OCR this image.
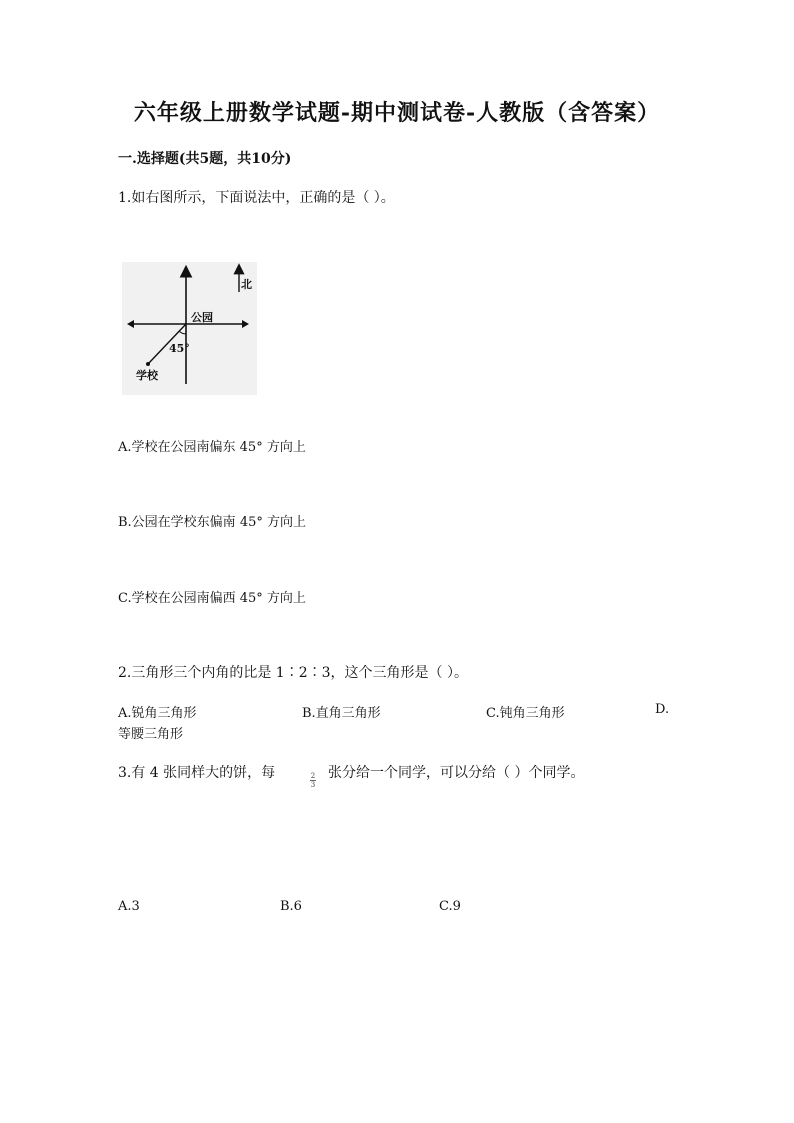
六年级上册数学试题-期中测试卷-人教版（含答案）
一.选择题(共5题，共10分)
1.如右图所示，下面说法中，正确的是（ ）。
北
公园
45°
学校
A.学校在公园南偏东 45° 方向上
B.公园在学校东偏南 45° 方向上
C.学校在公园南偏西 45° 方向上
2.三角形三个内角的比是 1∶2∶3，这个三角形是（ ）。
A.锐角三角形	B.直角三角形	C.钝角三角形	D.
等腰三角形
3.有 4 张同样大的饼，每	2
3
张分给一个同学，可以分给（ ）个同学。
A.3	B.6	C.9
